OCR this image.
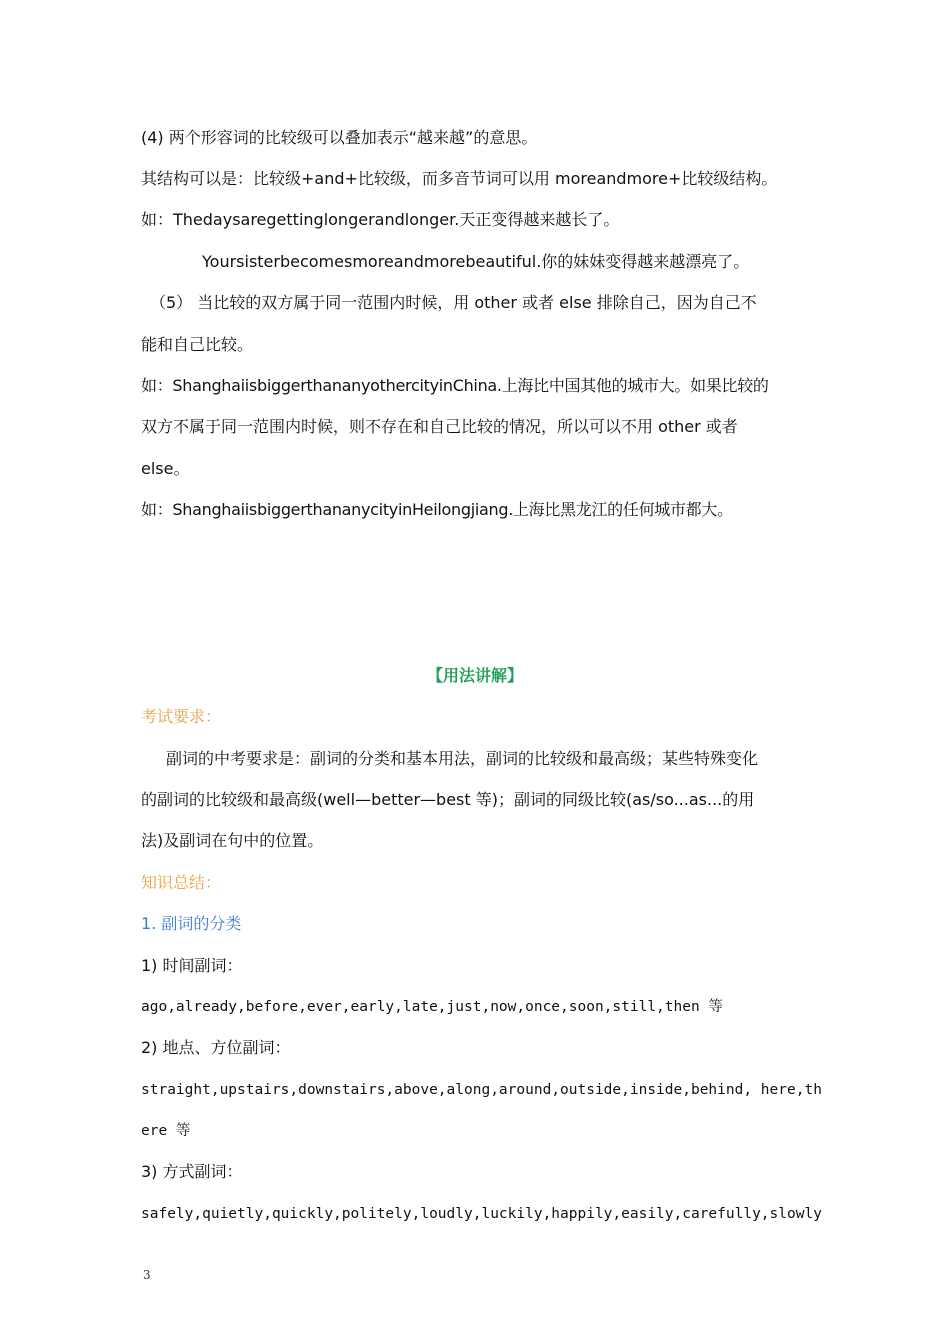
(4) 两个形容词的比较级可以叠加表示“越来越”的意思。
其结构可以是：比较级+and+比较级，而多音节词可以用 moreandmore+比较级结构。
如：Thedaysaregettinglongerandlonger.天正变得越来越长了。
Yoursisterbecomesmoreandmorebeautiful.你的妹妹变得越来越漂亮了。
（5） 当比较的双方属于同一范围内时候，用 other 或者 else 排除自己，因为自己不
能和自己比较。
如：ShanghaiisbiggerthananyothercityinChina.上海比中国其他的城市大。如果比较的
双方不属于同一范围内时候，则不存在和自己比较的情况，所以可以不用 other 或者
else。
如：ShanghaiisbiggerthananycityinHeilongjiang.上海比黑龙江的任何城市都大。
【用法讲解】
考试要求：
副词的中考要求是：副词的分类和基本用法，副词的比较级和最高级；某些特殊变化
的副词的比较级和最高级(well—better—best 等)；副词的同级比较(as/so...as...的用
法)及副词在句中的位置。
知识总结：
1. 副词的分类
1) 时间副词：
ago,already,before,ever,early,late,just,now,once,soon,still,then 等
2) 地点、方位副词：
straight,upstairs,downstairs,above,along,around,outside,inside,behind, here,th
ere 等
3) 方式副词：
safely,quietly,quickly,politely,loudly,luckily,happily,easily,carefully,slowly
3
